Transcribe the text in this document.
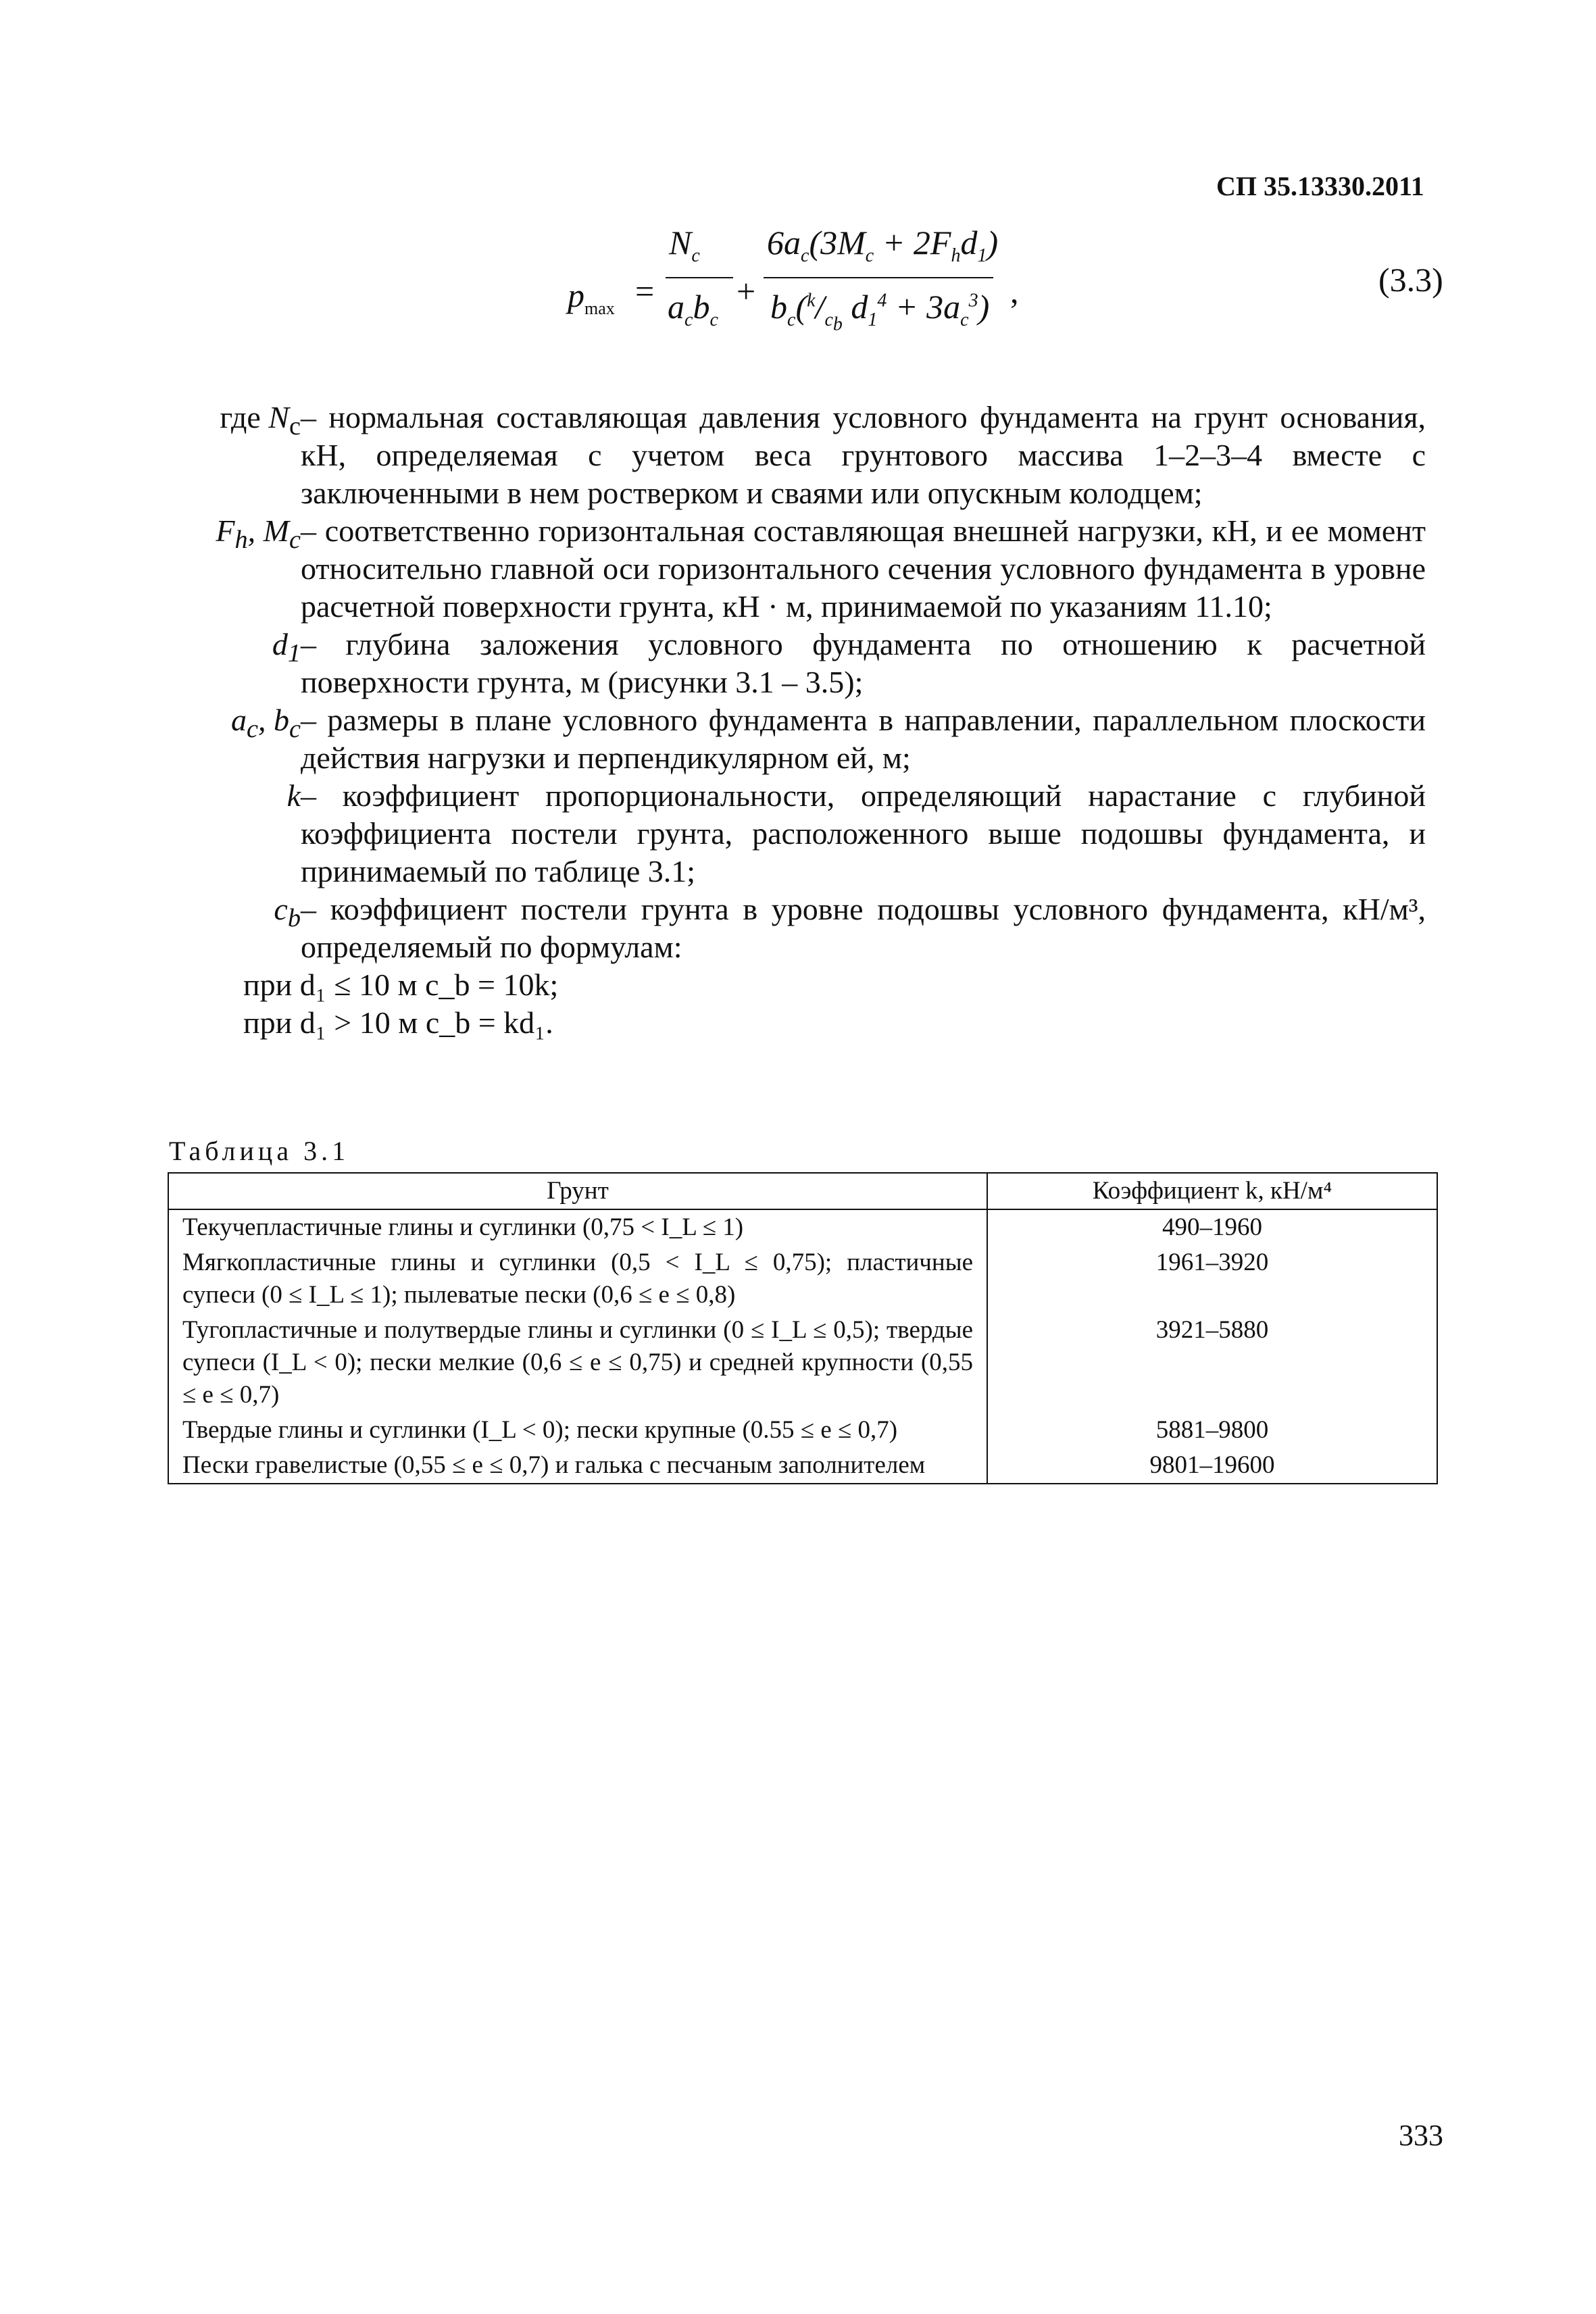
СП 35.13330.2011
$p_{max}$ =
$N_c$
$a_cb_c$
+
$6a_c(3M_c + 2F_hd_1)$
$b_c(^k/_{c_b}$ $d_1^4 + 3a_c^3$) ,	(3.3)
где $N_c$ – нормальная составляющая давления условного фундамента на грунт основания, кН, определяемая с учетом веса грунтового массива 1–2–3–4 вместе с заключенными в нем ростверком и сваями или опускным колодцем;
$F_h$, $M_c$ – соответственно горизонтальная составляющая внешней нагрузки, кН, и ее момент относительно главной оси горизонтального сечения условного фундамента в уровне расчетной поверхности грунта, кН · м, принимаемой по указаниям 11.10;
$d_1$ – глубина заложения условного фундамента по отношению к расчетной поверхности грунта, м (рисунки 3.1 – 3.5);
$a_c$, $b_c$ – размеры в плане условного фундамента в направлении, параллельном плоскости действия нагрузки и перпендикулярном ей, м;
k – коэффициент пропорциональности, определяющий нарастание с глубиной коэффициента постели грунта, расположенного выше подошвы фундамента, и принимаемый по таблице 3.1;
$c_b$ – коэффициент постели грунта в уровне подошвы условного фундамента, кН/м³, определяемый по формулам:
при d₁ ≤ 10 м c_b = 10k;
при d₁ > 10 м c_b = kd₁.
Таблица 3.1
Грунт	Коэффициент k, кН/м⁴
Текучепластичные глины и суглинки (0,75 < I_L ≤ 1)	490–1960
Мягкопластичные глины и суглинки (0,5 < I_L ≤ 0,75); пластичные супеси (0 ≤ I_L ≤ 1); пылеватые пески (0,6 ≤ e ≤ 0,8)	1961–3920
Тугопластичные и полутвердые глины и суглинки (0 ≤ I_L ≤ 0,5); твердые супеси (I_L < 0); пески мелкие (0,6 ≤ e ≤ 0,75) и средней крупности (0,55 ≤ e ≤ 0,7)	3921–5880
Твердые глины и суглинки (I_L < 0); пески крупные (0.55 ≤ e ≤ 0,7)	5881–9800
Пески гравелистые (0,55 ≤ e ≤ 0,7) и галька с песчаным заполнителем	9801–19600
333
